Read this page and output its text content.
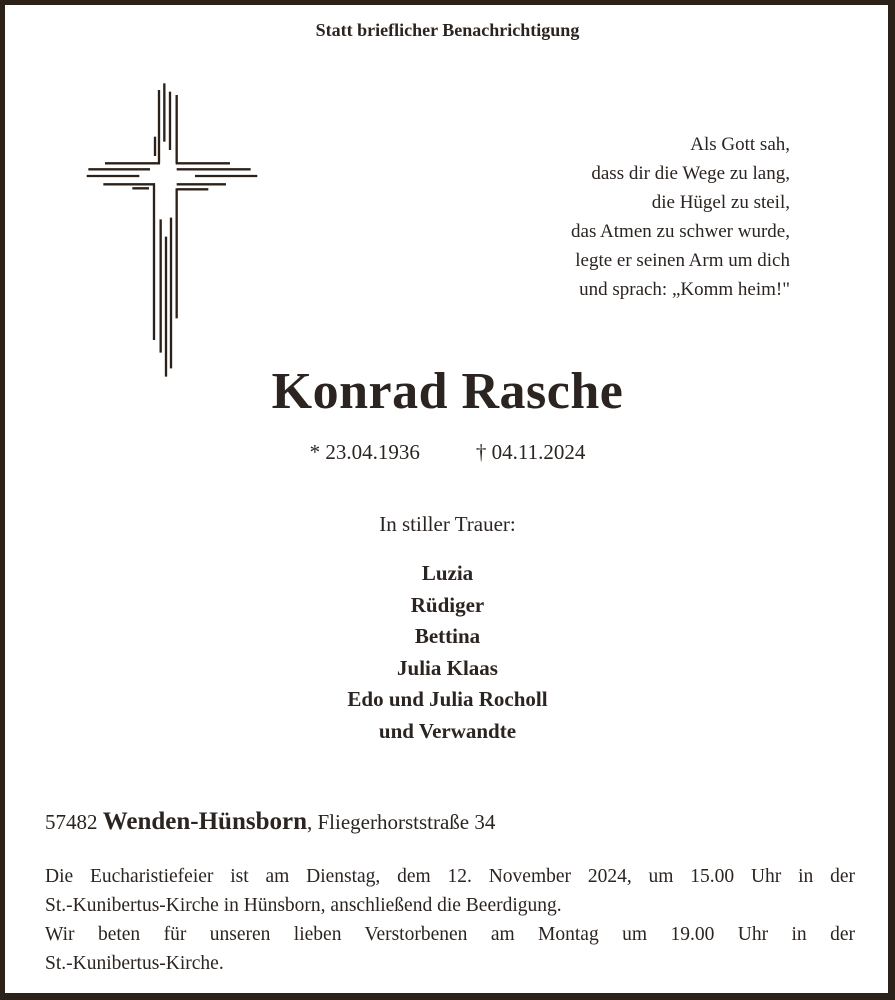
Statt brieflicher Benachrichtigung
Als Gott sah,
dass dir die Wege zu lang,
die Hügel zu steil,
das Atmen zu schwer wurde,
legte er seinen Arm um dich
und sprach: „Komm heim!"
Konrad Rasche
* 23.04.1936	† 04.11.2024
In stiller Trauer:
Luzia
Rüdiger
Bettina
Julia Klaas
Edo und Julia Rocholl
und Verwandte
57482 Wenden-Hünsborn, Fliegerhorststraße 34

Die Eucharistiefeier ist am Dienstag, dem 12. November 2024, um 15.00 Uhr in der

St.-Kunibertus-Kirche in Hünsborn, anschließend die Beerdigung.

Wir beten für unseren lieben Verstorbenen am Montag um 19.00 Uhr in der

St.-Kunibertus-Kirche.
